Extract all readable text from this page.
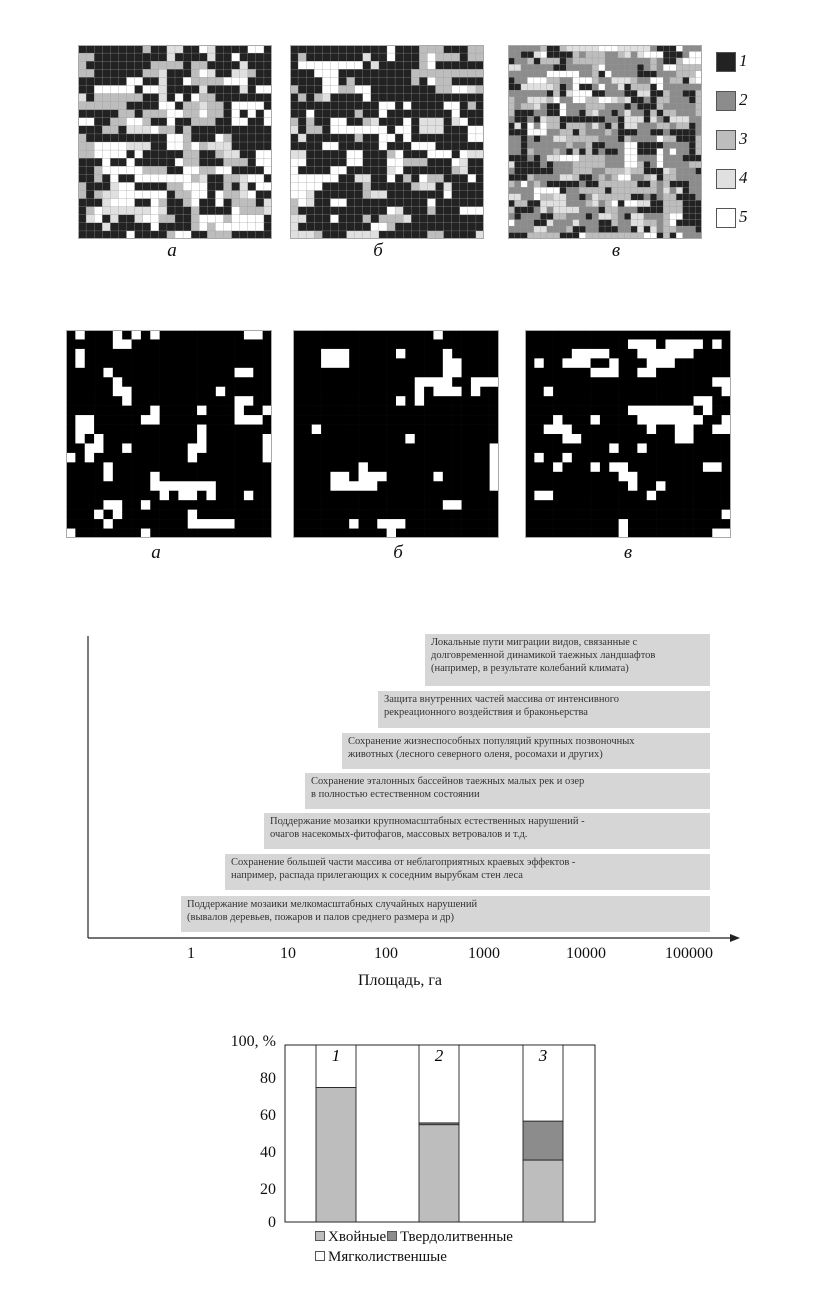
а	б	в
1
2
3
4
5
а	б	в
Локальные пути миграции видов, связанные с
долговременной динамикой таежных ландшафтов
(например, в результате колебаний климата)
Защита внутренних частей массива от интенсивного
рекреационного воздействия и браконьерства
Сохранение жизнеспособных популяций крупных позвоночных
животных (лесного северного оленя, росомахи и других)
Сохранение эталонных бассейнов таежных малых рек и озер
в полностью естественном состоянии
Поддержание мозаики крупномасштабных естественных нарушений -
очагов насекомых-фитофагов, массовых ветровалов и т.д.
Сохранение большей части массива от неблагоприятных краевых эффектов -
например, распада прилегающих к соседним вырубкам стен леса
Поддержание мозаики мелкомасштабных случайных нарушений
(вывалов деревьев, пожаров и палов среднего размера и др)
1	10	100	1000	10000	100000
Площадь, га
100, %
80
60
40
20
0
1	2	3
Хвойные Твердолитвенные
Мягколиственшые
